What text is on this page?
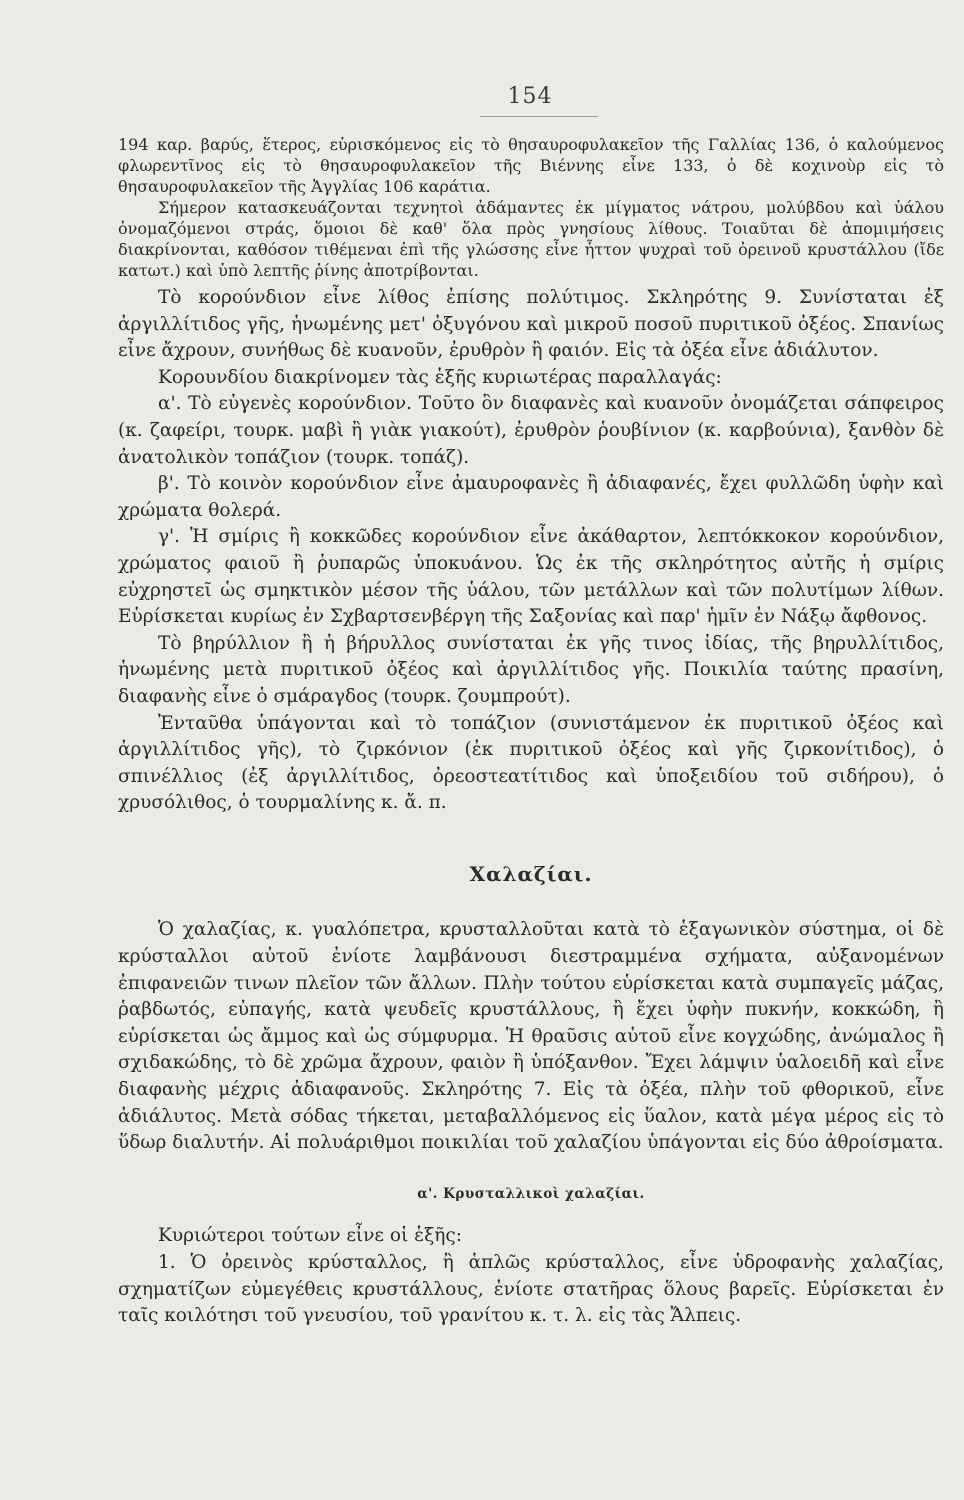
154

194 καρ. βαρύς, ἕτερος, εὑρισκόμενος εἰς τὸ θησαυροφυλακεῖον τῆς Γαλλίας 136, ὁ καλούμενος φλωρεντῖνος εἰς τὸ θησαυροφυλακεῖον τῆς Βιέννης εἶνε 133, ὁ δὲ κοχινοὺρ εἰς τὸ θησαυροφυλακεῖον τῆς Ἀγγλίας 106 καράτια.

Σήμερον κατασκευάζονται τεχνητοὶ ἀδάμαντες ἐκ μίγματος νάτρου, μολύβδου καὶ ὑάλου ὀνομαζόμενοι στράς, ὅμοιοι δὲ καθ' ὅλα πρὸς γνησίους λίθους. Τοιαῦται δὲ ἀπομιμήσεις διακρίνονται, καθόσον τιθέμεναι ἐπὶ τῆς γλώσσης εἶνε ἧττον ψυχραὶ τοῦ ὀρεινοῦ κρυστάλλου (ἴδε κατωτ.) καὶ ὑπὸ λεπτῆς ῥίνης ἀποτρίβονται.

Τὸ κορούνδιον εἶνε λίθος ἐπίσης πολύτιμος. Σκληρότης 9. Συνίσταται ἐξ ἀργιλλίτιδος γῆς, ἡνωμένης μετ' ὀξυγόνου καὶ μικροῦ ποσοῦ πυριτικοῦ ὀξέος. Σπανίως εἶνε ἄχρουν, συνήθως δὲ κυανοῦν, ἐρυθρὸν ἢ φαιόν. Εἰς τὰ ὀξέα εἶνε ἀδιάλυτον.

Κορουνδίου διακρίνομεν τὰς ἑξῆς κυριωτέρας παραλλαγάς:

α'. Τὸ εὐγενὲς κορούνδιον. Τοῦτο ὂν διαφανὲς καὶ κυανοῦν ὀνομάζεται σάπφειρος (κ. ζαφείρι, τουρκ. μαβὶ ἢ γιὰκ γιακούτ), ἐρυθρὸν ῥουβίνιον (κ. καρβούνια), ξανθὸν δὲ ἀνατολικὸν τοπάζιον (τουρκ. τοπάζ).

β'. Τὸ κοινὸν κορούνδιον εἶνε ἀμαυροφανὲς ἢ ἀδιαφανές, ἔχει φυλλῶδη ὑφὴν καὶ χρώματα θολερά.

γ'. Ἡ σμίρις ἢ κοκκῶδες κορούνδιον εἶνε ἀκάθαρτον, λεπτόκκοκον κορούνδιον, χρώματος φαιοῦ ἢ ῥυπαρῶς ὑποκυάνου. Ὡς ἐκ τῆς σκληρότητος αὐτῆς ἡ σμίρις εὐχρηστεῖ ὡς σμηκτικὸν μέσον τῆς ὑάλου, τῶν μετάλλων καὶ τῶν πολυτίμων λίθων. Εὑρίσκεται κυρίως ἐν Σχβαρτσενβέργη τῆς Σαξονίας καὶ παρ' ἡμῖν ἐν Νάξῳ ἄφθονος.

Τὸ βηρύλλιον ἢ ἡ βήρυλλος συνίσταται ἐκ γῆς τινος ἰδίας, τῆς βηρυλλίτιδος, ἡνωμένης μετὰ πυριτικοῦ ὀξέος καὶ ἀργιλλίτιδος γῆς. Ποικιλία ταύτης πρασίνη, διαφανὴς εἶνε ὁ σμάραγδος (τουρκ. ζουμπρούτ).

Ἐνταῦθα ὑπάγονται καὶ τὸ τοπάζιον (συνιστάμενον ἐκ πυριτικοῦ ὀξέος καὶ ἀργιλλίτιδος γῆς), τὸ ζιρκόνιον (ἐκ πυριτικοῦ ὀξέος καὶ γῆς ζιρκονίτιδος), ὁ σπινέλλιος (ἐξ ἀργιλλίτιδος, ὀρεοστεατίτιδος καὶ ὑποξειδίου τοῦ σιδήρου), ὁ χρυσόλιθος, ὁ τουρμαλίνης κ. ἄ. π.

Χαλαζίαι.

Ὁ χαλαζίας, κ. γυαλόπετρα, κρυσταλλοῦται κατὰ τὸ ἑξαγωνικὸν σύστημα, οἱ δὲ κρύσταλλοι αὐτοῦ ἐνίοτε λαμβάνουσι διεστραμμένα σχήματα, αὐξανομένων ἐπιφανειῶν τινων πλεῖον τῶν ἄλλων. Πλὴν τούτου εὑρίσκεται κατὰ συμπαγεῖς μάζας, ῥαβδωτός, εὐπαγής, κατὰ ψευδεῖς κρυστάλλους, ἢ ἔχει ὑφὴν πυκνήν, κοκκώδη, ἢ εὑρίσκεται ὡς ἄμμος καὶ ὡς σύμφυρμα. Ἡ θραῦσις αὐτοῦ εἶνε κογχώδης, ἀνώμαλος ἢ σχιδακώδης, τὸ δὲ χρῶμα ἄχρουν, φαιὸν ἢ ὑπόξανθον. Ἔχει λάμψιν ὑαλοειδῆ καὶ εἶνε διαφανὴς μέχρις ἀδιαφανοῦς. Σκληρότης 7. Εἰς τὰ ὀξέα, πλὴν τοῦ φθορικοῦ, εἶνε ἀδιάλυτος. Μετὰ σόδας τήκεται, μεταβαλλόμενος εἰς ὕαλον, κατὰ μέγα μέρος εἰς τὸ ὕδωρ διαλυτήν. Αἱ πολυάριθμοι ποικιλίαι τοῦ χαλαζίου ὑπάγονται εἰς δύο ἀθροίσματα.

α'. Κρυσταλλικοὶ χαλαζίαι.

Κυριώτεροι τούτων εἶνε οἱ ἑξῆς:

1. Ὁ ὀρεινὸς κρύσταλλος, ἢ ἁπλῶς κρύσταλλος, εἶνε ὑδροφανὴς χαλαζίας, σχηματίζων εὐμεγέθεις κρυστάλλους, ἐνίοτε στατῆρας ὅλους βαρεῖς. Εὑρίσκεται ἐν ταῖς κοιλότησι τοῦ γνευσίου, τοῦ γρανίτου κ. τ. λ. εἰς τὰς Ἄλπεις.
